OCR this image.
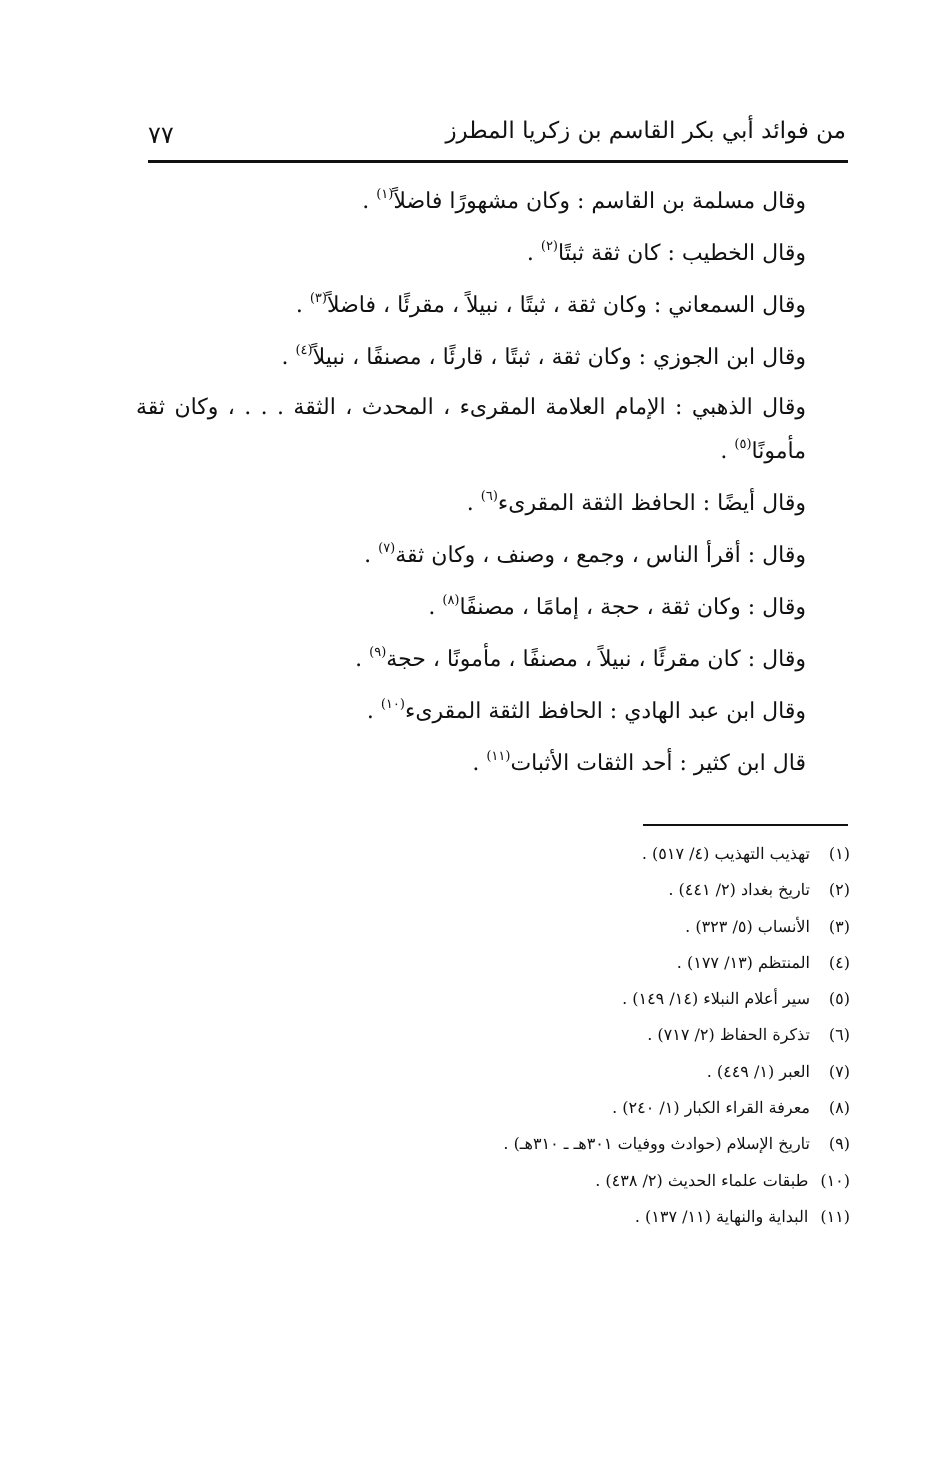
من فوائد أبي بكر القاسم بن زكريا المطرز
٧٧

وقال مسلمة بن القاسم : وكان مشهورًا فاضلاً$^{(١)}$ .

وقال الخطيب : كان ثقة ثبتًا$^{(٢)}$ .

وقال السمعاني : وكان ثقة ، ثبتًا ، نبيلاً ، مقرئًا ، فاضلاً$^{(٣)}$ .

وقال ابن الجوزي : وكان ثقة ، ثبتًا ، قارئًا ، مصنفًا ، نبيلاً$^{(٤)}$ .

وقال الذهبي : الإمام العلامة المقرىء ، المحدث ، الثقة . . . ، وكان ثقة
مأمونًا$^{(٥)}$ .

وقال أيضًا : الحافظ الثقة المقرىء$^{(٦)}$ .

وقال : أقرأ الناس ، وجمع ، وصنف ، وكان ثقة$^{(٧)}$ .

وقال : وكان ثقة ، حجة ، إمامًا ، مصنفًا$^{(٨)}$ .

وقال : كان مقرئًا ، نبيلاً ، مصنفًا ، مأمونًا ، حجة$^{(٩)}$ .

وقال ابن عبد الهادي : الحافظ الثقة المقرىء$^{(١٠)}$ .

قال ابن كثير : أحد الثقات الأثبات$^{(١١)}$ .

(١)تهذيب التهذيب (٤/ ٥١٧) .
(٢)تاريخ بغداد (٢/ ٤٤١) .
(٣)الأنساب (٥/ ٣٢٣) .
(٤)المنتظم (١٣/ ١٧٧) .
(٥)سير أعلام النبلاء (١٤/ ١٤٩) .
(٦)تذكرة الحفاظ (٢/ ٧١٧) .
(٧)العبر (١/ ٤٤٩) .
(٨)معرفة القراء الكبار (١/ ٢٤٠) .
(٩)تاريخ الإسلام (حوادث ووفيات ٣٠١هـ ـ ٣١٠هـ) .
(١٠)طبقات علماء الحديث (٢/ ٤٣٨) .
(١١)البداية والنهاية (١١/ ١٣٧) .
